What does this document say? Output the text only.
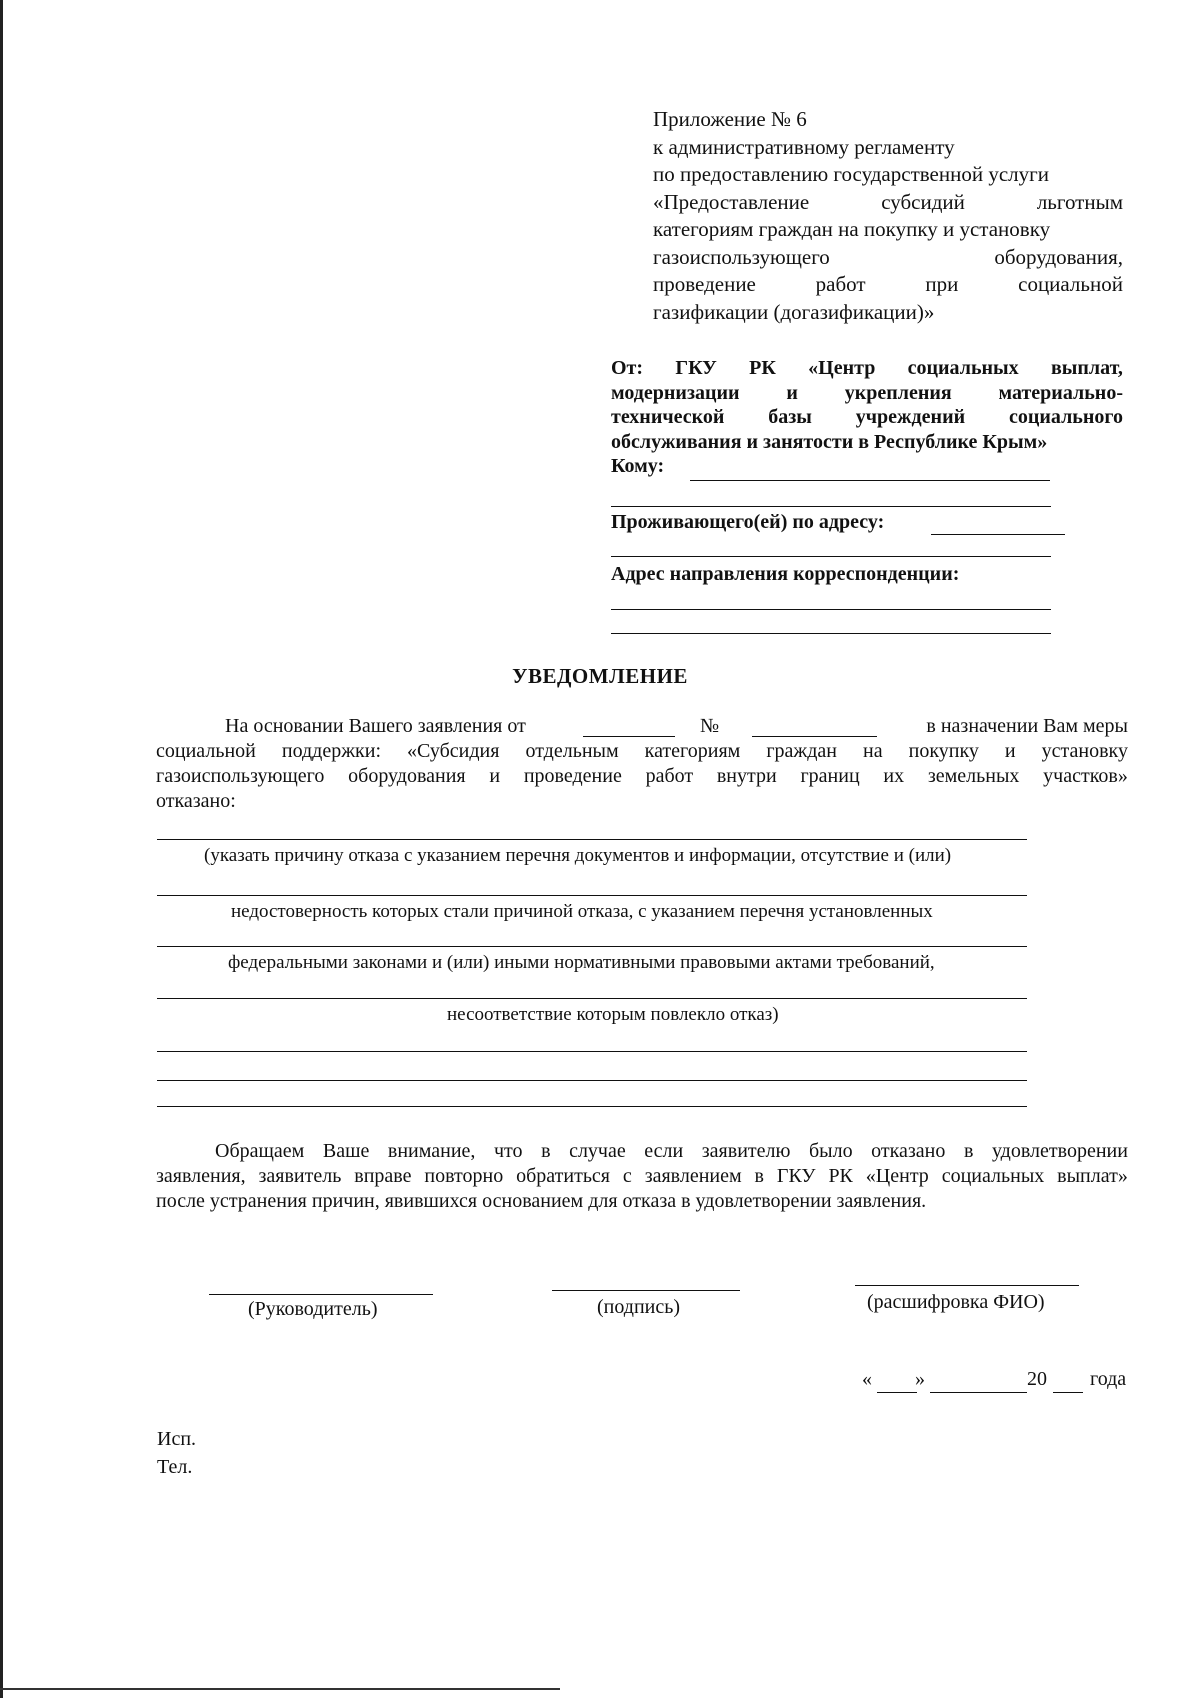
Приложение № 6
к административному регламенту
по предоставлению государственной услуги
«Предоставление	субсидий	льготным
категориям граждан на покупку и установку
газоиспользующего	оборудования,
проведение	работ	при	социальной
газификации (догазификации)»
От: ГКУ РК «Центр социальных выплат,
модернизации и укрепления материально-
технической базы учреждений социального
обслуживания и занятости в Республике Крым»
Кому:
Проживающего(ей) по адресу:
Адрес направления корреспонденции:
УВЕДОМЛЕНИЕ
На основании Вашего заявления от	№	в назначении Вам меры
социальной поддержки: «Субсидия отдельным категориям граждан на покупку и установку
газоиспользующего оборудования и проведение работ внутри границ их земельных участков»
отказано:
(указать причину отказа с указанием перечня документов и информации, отсутствие и (или)
недостоверность которых стали причиной отказа, с указанием перечня установленных
федеральными законами и (или) иными нормативными правовыми актами требований,
несоответствие которым повлекло отказ)
Обращаем Ваше внимание, что в случае если заявителю было отказано в удовлетворении
заявления, заявитель вправе повторно обратиться с заявлением в ГКУ РК «Центр социальных выплат»
после устранения причин, явившихся основанием для отказа в удовлетворении заявления.
(Руководитель)	(подпись)	(расшифровка ФИО)
« »	20 года
Исп.
Тел.
